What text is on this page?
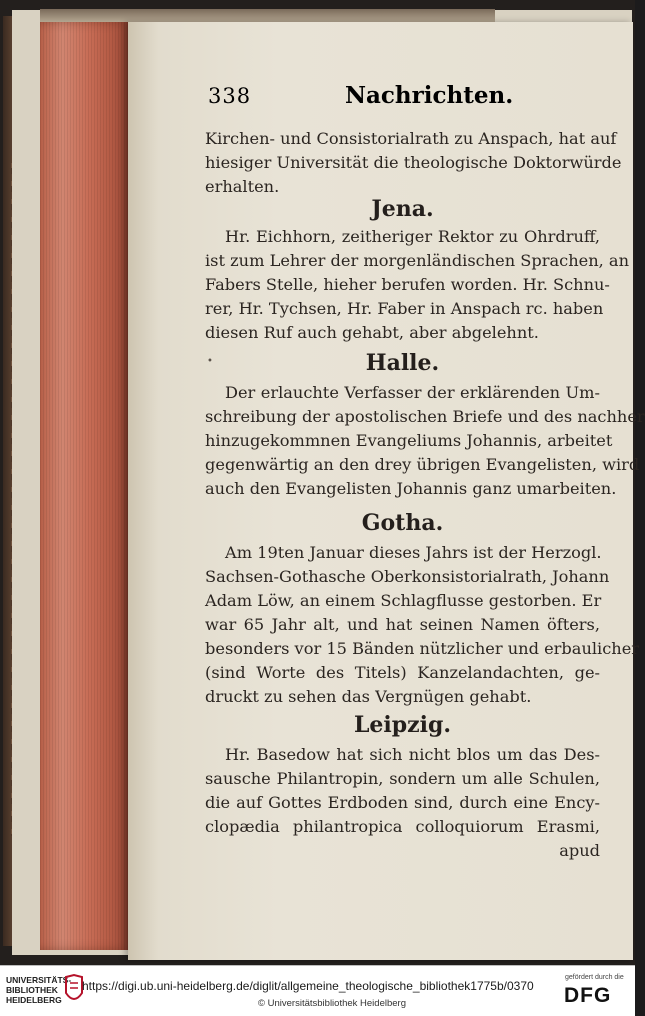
338	Nachrichten.
Kirchen- und Consistorialrath zu Anspach, hat auf
hiesiger Universität die theologische Doktorwürde
erhalten.
Jena.
Hr. Eichhorn, zeitheriger Rektor zu Ohrdruff,
ist zum Lehrer der morgenländischen Sprachen, an
Fabers Stelle, hieher berufen worden. Hr. Schnu-
rer, Hr. Tychsen, Hr. Faber in Anspach rc. haben
diesen Ruf auch gehabt, aber abgelehnt.
•	Halle.
Der erlauchte Verfasser der erklärenden Um-
schreibung der apostolischen Briefe und des nachher
hinzugekommnen Evangeliums Johannis, arbeitet
gegenwärtig an den drey übrigen Evangelisten, wird
auch den Evangelisten Johannis ganz umarbeiten.
Gotha.
Am 19ten Januar dieses Jahrs ist der Herzogl.
Sachsen-Gothasche Oberkonsistorialrath, Johann
Adam Löw, an einem Schlagflusse gestorben. Er
war 65 Jahr alt, und hat seinen Namen öfters,
besonders vor 15 Bänden nützlicher und erbaulicher
(sind Worte des Titels) Kanzelandachten, ge-
druckt zu sehen das Vergnügen gehabt.
Leipzig.
Hr. Basedow hat sich nicht blos um das Des-
sausche Philantropin, sondern um alle Schulen,
die auf Gottes Erdboden sind, durch eine Ency-
clopædia philantropica colloquiorum Erasmi,
apud
UNIVERSITÄTS-
BIBLIOTHEK
HEIDELBERG
https://digi.ub.uni-heidelberg.de/diglit/allgemeine_theologische_bibliothek1775b/0370
© Universitätsbibliothek Heidelberg
gefördert durch die
DFG
